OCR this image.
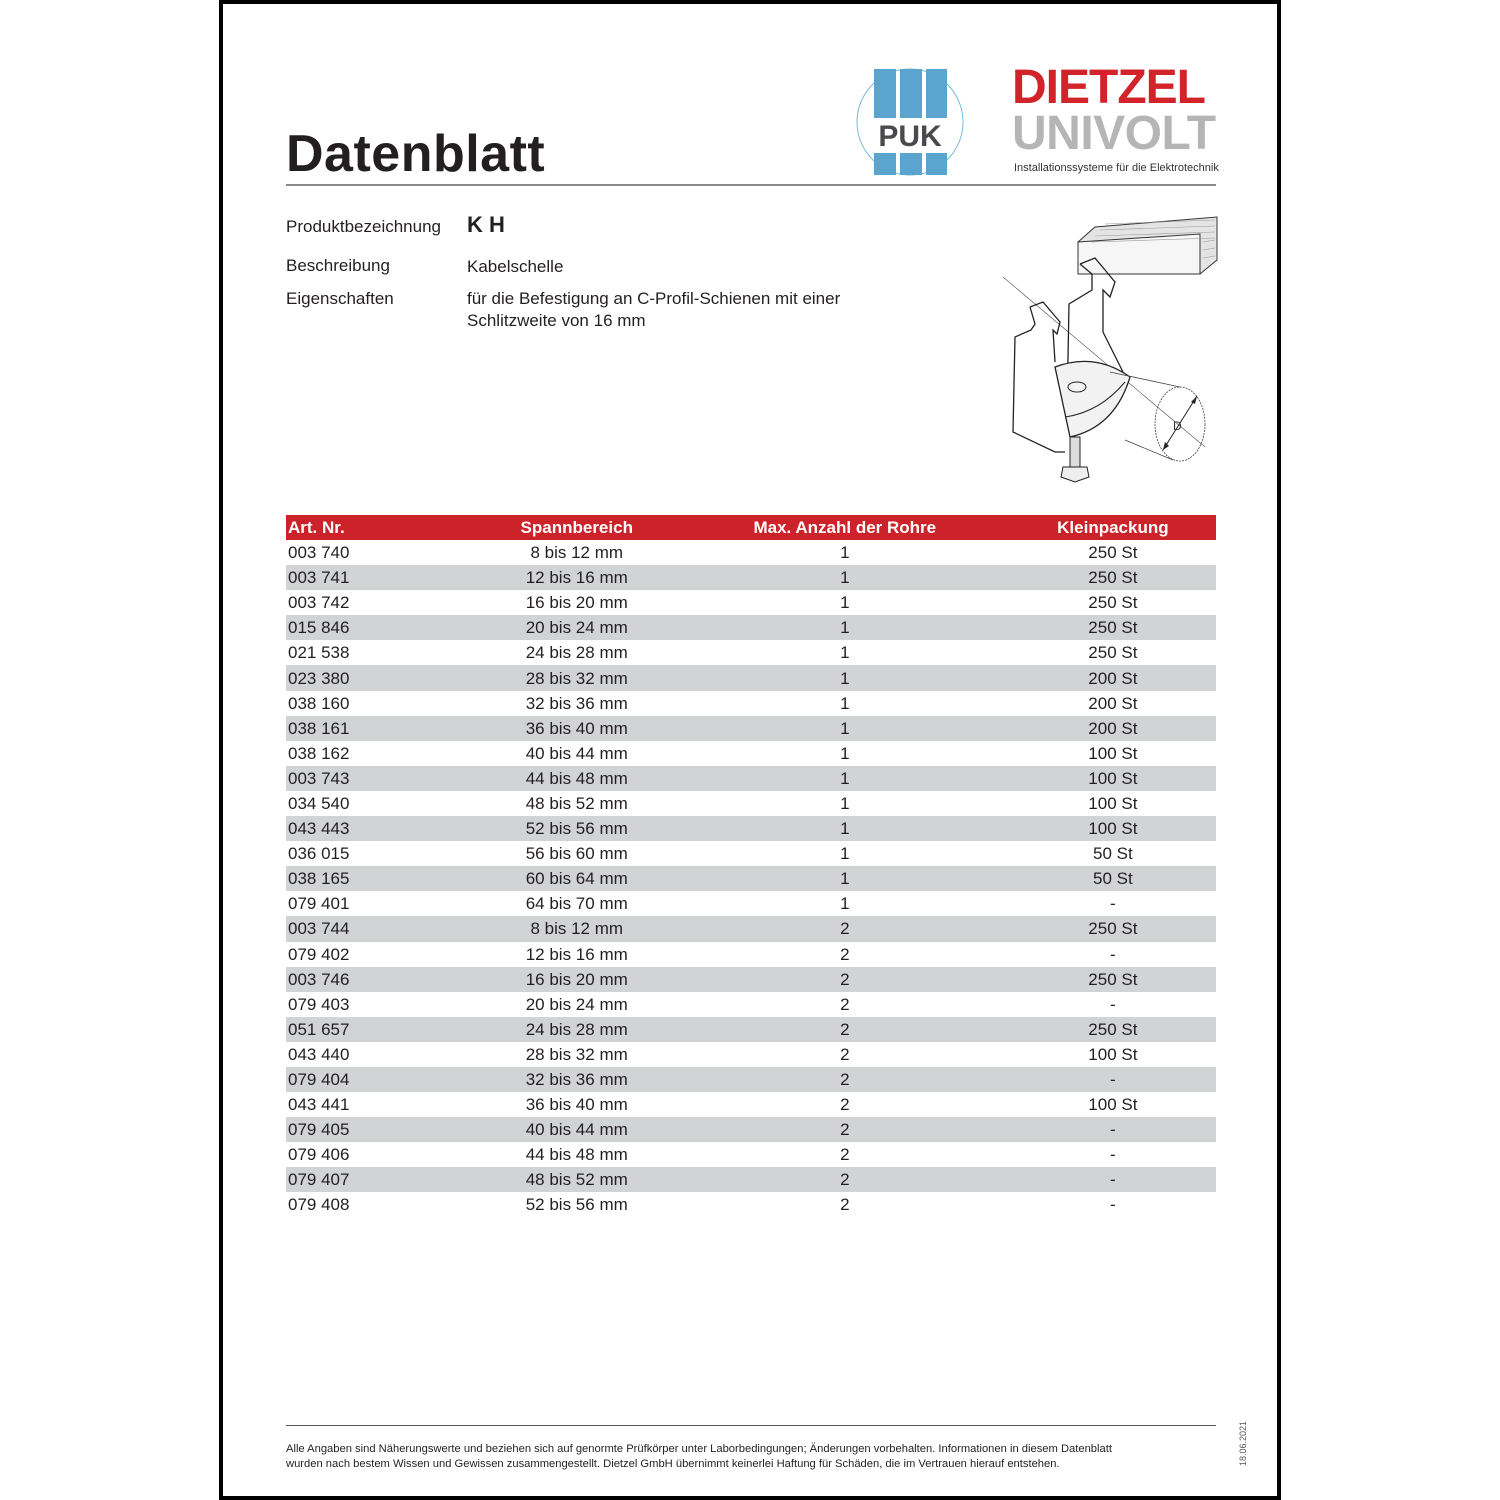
Datenblatt	PUK
DIETZEL
UNIVOLT
Installationssysteme für die Elektrotechnik
Produktbezeichnung K H
Beschreibung	Kabelschelle
Eigenschaften	für die Befestigung an C-Profil-Schienen mit einer
Schlitzweite von 16 mm
D
Art. Nr.	Spannbereich	Max. Anzahl der Rohre	Kleinpackung
003 740	8 bis 12 mm	1	250 St
003 741	12 bis 16 mm	1	250 St
003 742	16 bis 20 mm	1	250 St
015 846	20 bis 24 mm	1	250 St
021 538	24 bis 28 mm	1	250 St
023 380	28 bis 32 mm	1	200 St
038 160	32 bis 36 mm	1	200 St
038 161	36 bis 40 mm	1	200 St
038 162	40 bis 44 mm	1	100 St
003 743	44 bis 48 mm	1	100 St
034 540	48 bis 52 mm	1	100 St
043 443	52 bis 56 mm	1	100 St
036 015	56 bis 60 mm	1	50 St
038 165	60 bis 64 mm	1	50 St
079 401	64 bis 70 mm	1	-
003 744	8 bis 12 mm	2	250 St
079 402	12 bis 16 mm	2	-
003 746	16 bis 20 mm	2	250 St
079 403	20 bis 24 mm	2	-
051 657	24 bis 28 mm	2	250 St
043 440	28 bis 32 mm	2	100 St
079 404	32 bis 36 mm	2	-
043 441	36 bis 40 mm	2	100 St
079 405	40 bis 44 mm	2	-
079 406	44 bis 48 mm	2	-
079 407	48 bis 52 mm	2	-
079 408	52 bis 56 mm	2	-
Alle Angaben sind Näherungswerte und beziehen sich auf genormte Prüfkörper unter Laborbedingungen; Änderungen vorbehalten. Informationen in diesem Datenblatt
wurden nach bestem Wissen und Gewissen zusammengestellt. Dietzel GmbH übernimmt keinerlei Haftung für Schäden, die im Vertrauen hierauf entstehen.	18.06.2021
